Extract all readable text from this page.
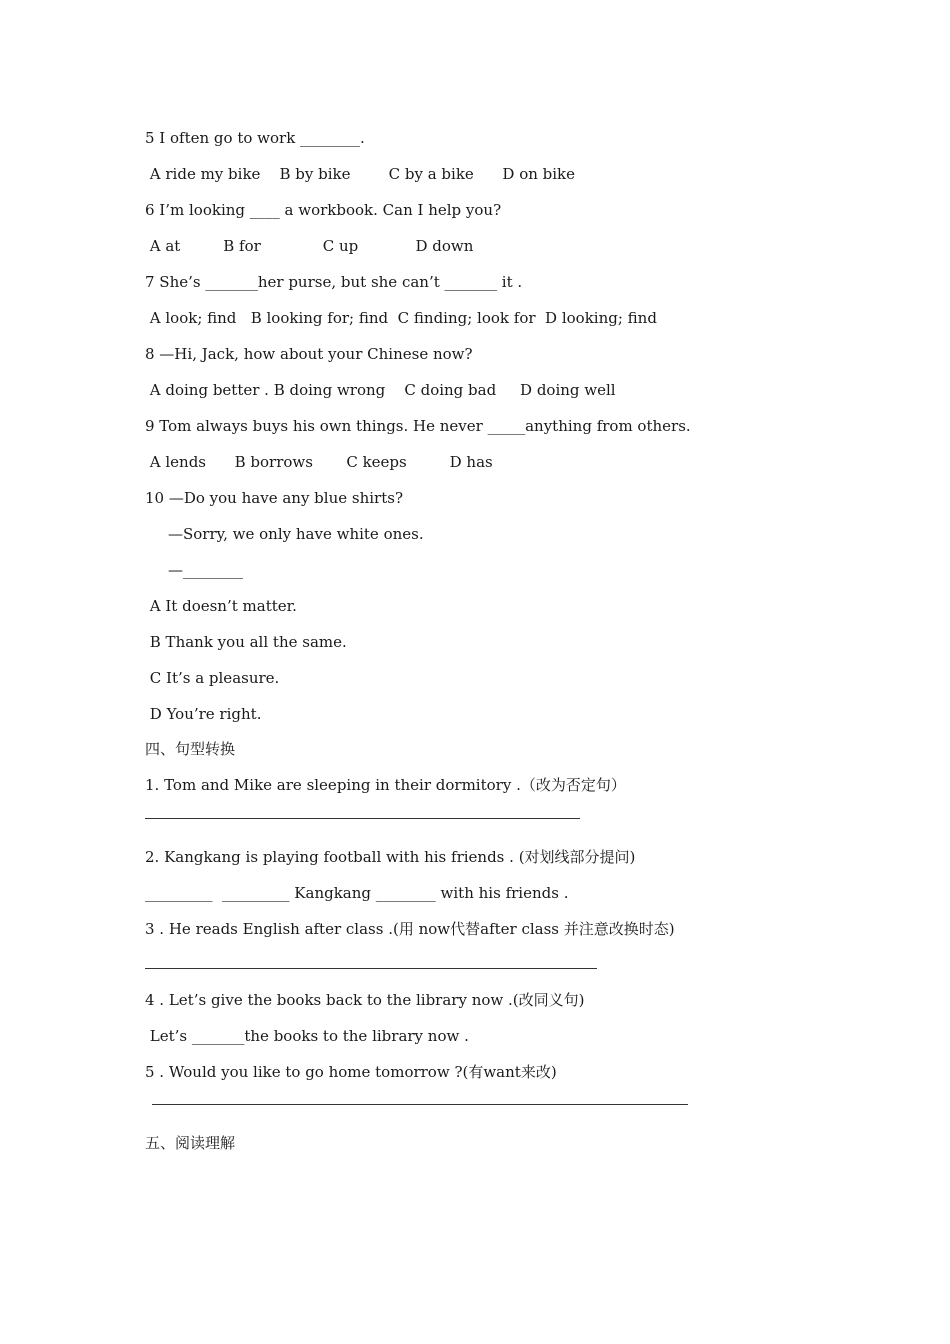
5 I often go to work ________.
A ride my bike    B by bike        C by a bike      D on bike
6 I’m looking ____ a workbook. Can I help you?
A at         B for             C up            D down
7 She’s _______her purse, but she can’t _______ it .
A look; find   B looking for; find  C finding; look for  D looking; find
8 —Hi, Jack, how about your Chinese now?
A doing better . B doing wrong    C doing bad     D doing well
9 Tom always buys his own things. He never _____anything from others.
A lends      B borrows       C keeps         D has
10 —Do you have any blue shirts?
—Sorry, we only have white ones.
—________
A It doesn’t matter.
B Thank you all the same.
C It’s a pleasure.
D You’re right.
四、句型转换
1. Tom and Mike are sleeping in their dormitory .（改为否定句）
2. Kangkang is playing football with his friends . (对划线部分提问)
_________  _________ Kangkang ________ with his friends .
3 . He reads English after class .(用 now代替after class 并注意改换时态)
4 . Let’s give the books back to the library now .(改同义句)
Let’s _______the books to the library now .
5 . Would you like to go home tomorrow ?(有want来改)
五、阅读理解
